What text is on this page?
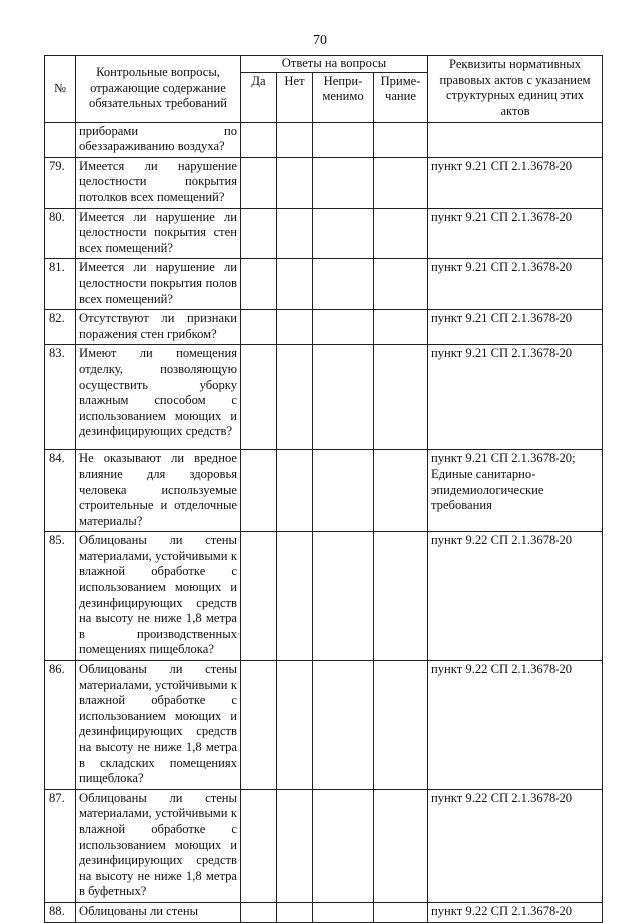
70
№	Контрольные вопросы, отражающие содержание обязательных требований	Ответы на вопросы				Реквизиты нормативных правовых актов с указанием структурных единиц этих актов
		Да	Нет	Непри-менимо	Приме-чание	
	приборами по обеззараживанию воздуха?					
79.	Имеется ли нарушение целостности покрытия потолков всех помещений?					пункт 9.21 СП 2.1.3678-20
80.	Имеется ли нарушение ли целостности покрытия стен всех помещений?					пункт 9.21 СП 2.1.3678-20
81.	Имеется ли нарушение ли целостности покрытия полов всех помещений?					пункт 9.21 СП 2.1.3678-20
82.	Отсутствуют ли признаки поражения стен грибком?					пункт 9.21 СП 2.1.3678-20
83.	Имеют ли помещения отделку, позволяющую осуществить уборку влажным способом с использованием моющих и дезинфицирующих средств?					пункт 9.21 СП 2.1.3678-20
84.	Не оказывают ли вредное влияние для здоровья человека используемые строительные и отделочные материалы?					пункт 9.21 СП 2.1.3678-20; Единые санитарно-эпидемиологические требования
85.	Облицованы ли стены материалами, устойчивыми к влажной обработке с использованием моющих и дезинфицирующих средств на высоту не ниже 1,8 метра в производственных помещениях пищеблока?					пункт 9.22 СП 2.1.3678-20
86.	Облицованы ли стены материалами, устойчивыми к влажной обработке с использованием моющих и дезинфицирующих средств на высоту не ниже 1,8 метра в складских помещениях пищеблока?					пункт 9.22 СП 2.1.3678-20
87.	Облицованы ли стены материалами, устойчивыми к влажной обработке с использованием моющих и дезинфицирующих средств на высоту не ниже 1,8 метра в буфетных?					пункт 9.22 СП 2.1.3678-20
88.	Облицованы ли стены					пункт 9.22 СП 2.1.3678-20
